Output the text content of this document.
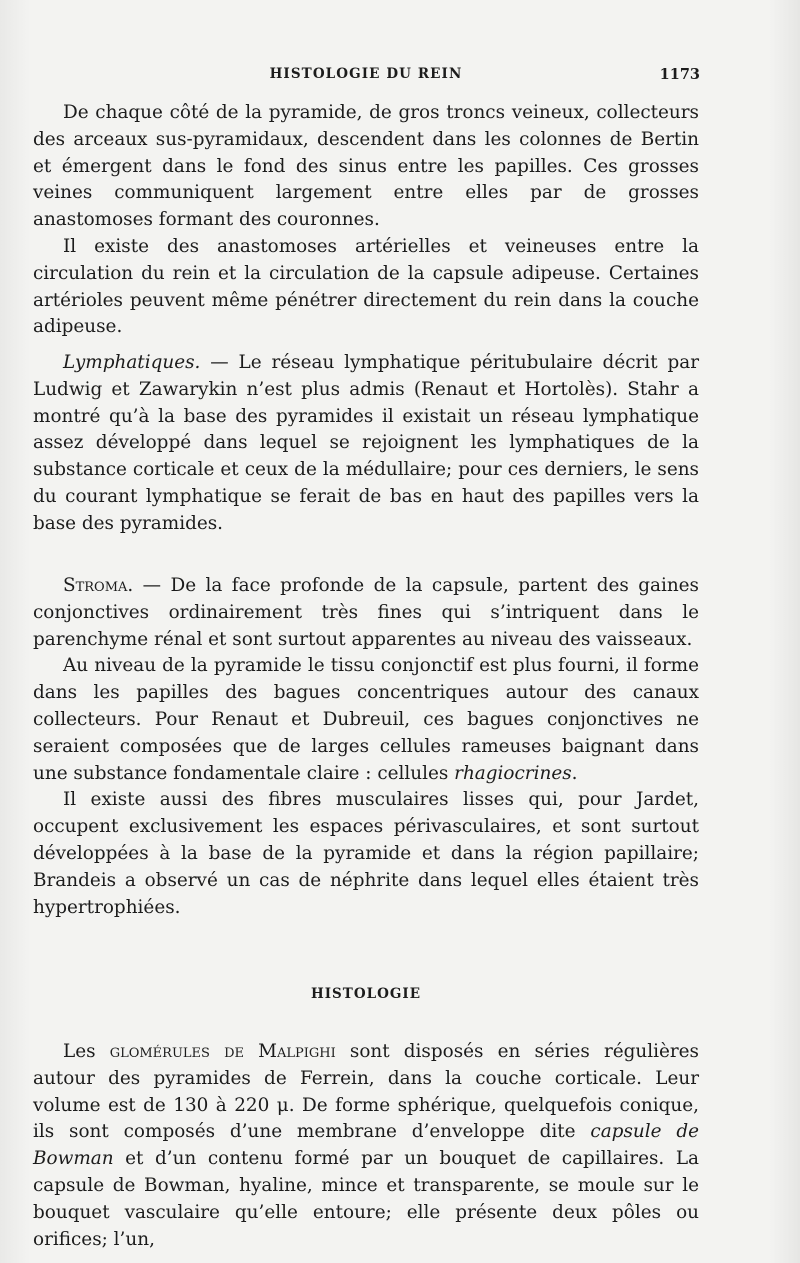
HISTOLOGIE DU REIN	1173

De chaque côté de la pyramide, de gros troncs veineux, collecteurs des arceaux sus-pyramidaux, descendent dans les colonnes de Bertin et émergent dans le fond des sinus entre les papilles. Ces grosses veines communiquent largement entre elles par de grosses anastomoses formant des couronnes.

Il existe des anastomoses artérielles et veineuses entre la circulation du rein et la circulation de la capsule adipeuse. Certaines artérioles peuvent même pénétrer directement du rein dans la couche adipeuse.

Lymphatiques. — Le réseau lymphatique péritubulaire décrit par Ludwig et Zawarykin n’est plus admis (Renaut et Hortolès). Stahr a montré qu’à la base des pyramides il existait un réseau lymphatique assez développé dans lequel se rejoignent les lymphatiques de la substance corticale et ceux de la médullaire; pour ces derniers, le sens du courant lymphatique se ferait de bas en haut des papilles vers la base des pyramides.

Stroma. — De la face profonde de la capsule, partent des gaines conjonctives ordinairement très fines qui s’intriquent dans le parenchyme rénal et sont surtout apparentes au niveau des vaisseaux.

Au niveau de la pyramide le tissu conjonctif est plus fourni, il forme dans les papilles des bagues concentriques autour des canaux collecteurs. Pour Renaut et Dubreuil, ces bagues conjonctives ne seraient composées que de larges cellules rameuses baignant dans une substance fondamentale claire : cellules rhagiocrines.

Il existe aussi des fibres musculaires lisses qui, pour Jardet, occupent exclusivement les espaces périvasculaires, et sont surtout développées à la base de la pyramide et dans la région papillaire; Brandeis a observé un cas de néphrite dans lequel elles étaient très hypertrophiées.

HISTOLOGIE

Les glomérules de Malpighi sont disposés en séries régulières autour des pyramides de Ferrein, dans la couche corticale. Leur volume est de 130 à 220 μ. De forme sphérique, quelquefois conique, ils sont composés d’une membrane d’enveloppe dite capsule de Bowman et d’un contenu formé par un bouquet de capillaires. La capsule de Bowman, hyaline, mince et transparente, se moule sur le bouquet vasculaire qu’elle entoure; elle présente deux pôles ou orifices; l’un,
